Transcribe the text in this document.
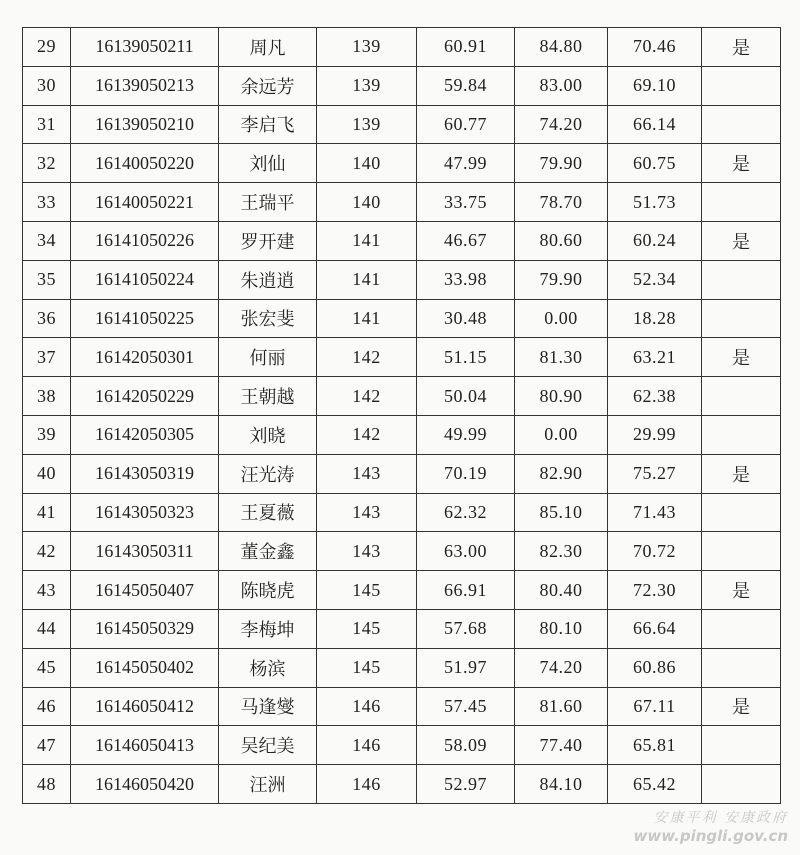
29	16139050211	周凡	139	60.91	84.80	70.46	是
30	16139050213	余远芳	139	59.84	83.00	69.10	
31	16139050210	李启飞	139	60.77	74.20	66.14	
32	16140050220	刘仙	140	47.99	79.90	60.75	是
33	16140050221	王瑞平	140	33.75	78.70	51.73	
34	16141050226	罗开建	141	46.67	80.60	60.24	是
35	16141050224	朱逍逍	141	33.98	79.90	52.34	
36	16141050225	张宏斐	141	30.48	0.00	18.28	
37	16142050301	何丽	142	51.15	81.30	63.21	是
38	16142050229	王朝越	142	50.04	80.90	62.38	
39	16142050305	刘晓	142	49.99	0.00	29.99	
40	16143050319	汪光涛	143	70.19	82.90	75.27	是
41	16143050323	王夏薇	143	62.32	85.10	71.43	
42	16143050311	董金鑫	143	63.00	82.30	70.72	
43	16145050407	陈晓虎	145	66.91	80.40	72.30	是
44	16145050329	李梅坤	145	57.68	80.10	66.64	
45	16145050402	杨滨	145	51.97	74.20	60.86	
46	16146050412	马逢燮	146	57.45	81.60	67.11	是
47	16146050413	吴纪美	146	58.09	77.40	65.81	
48	16146050420	汪洲	146	52.97	84.10	65.42	
安康平利 安康政府
www.pingli.gov.cn
